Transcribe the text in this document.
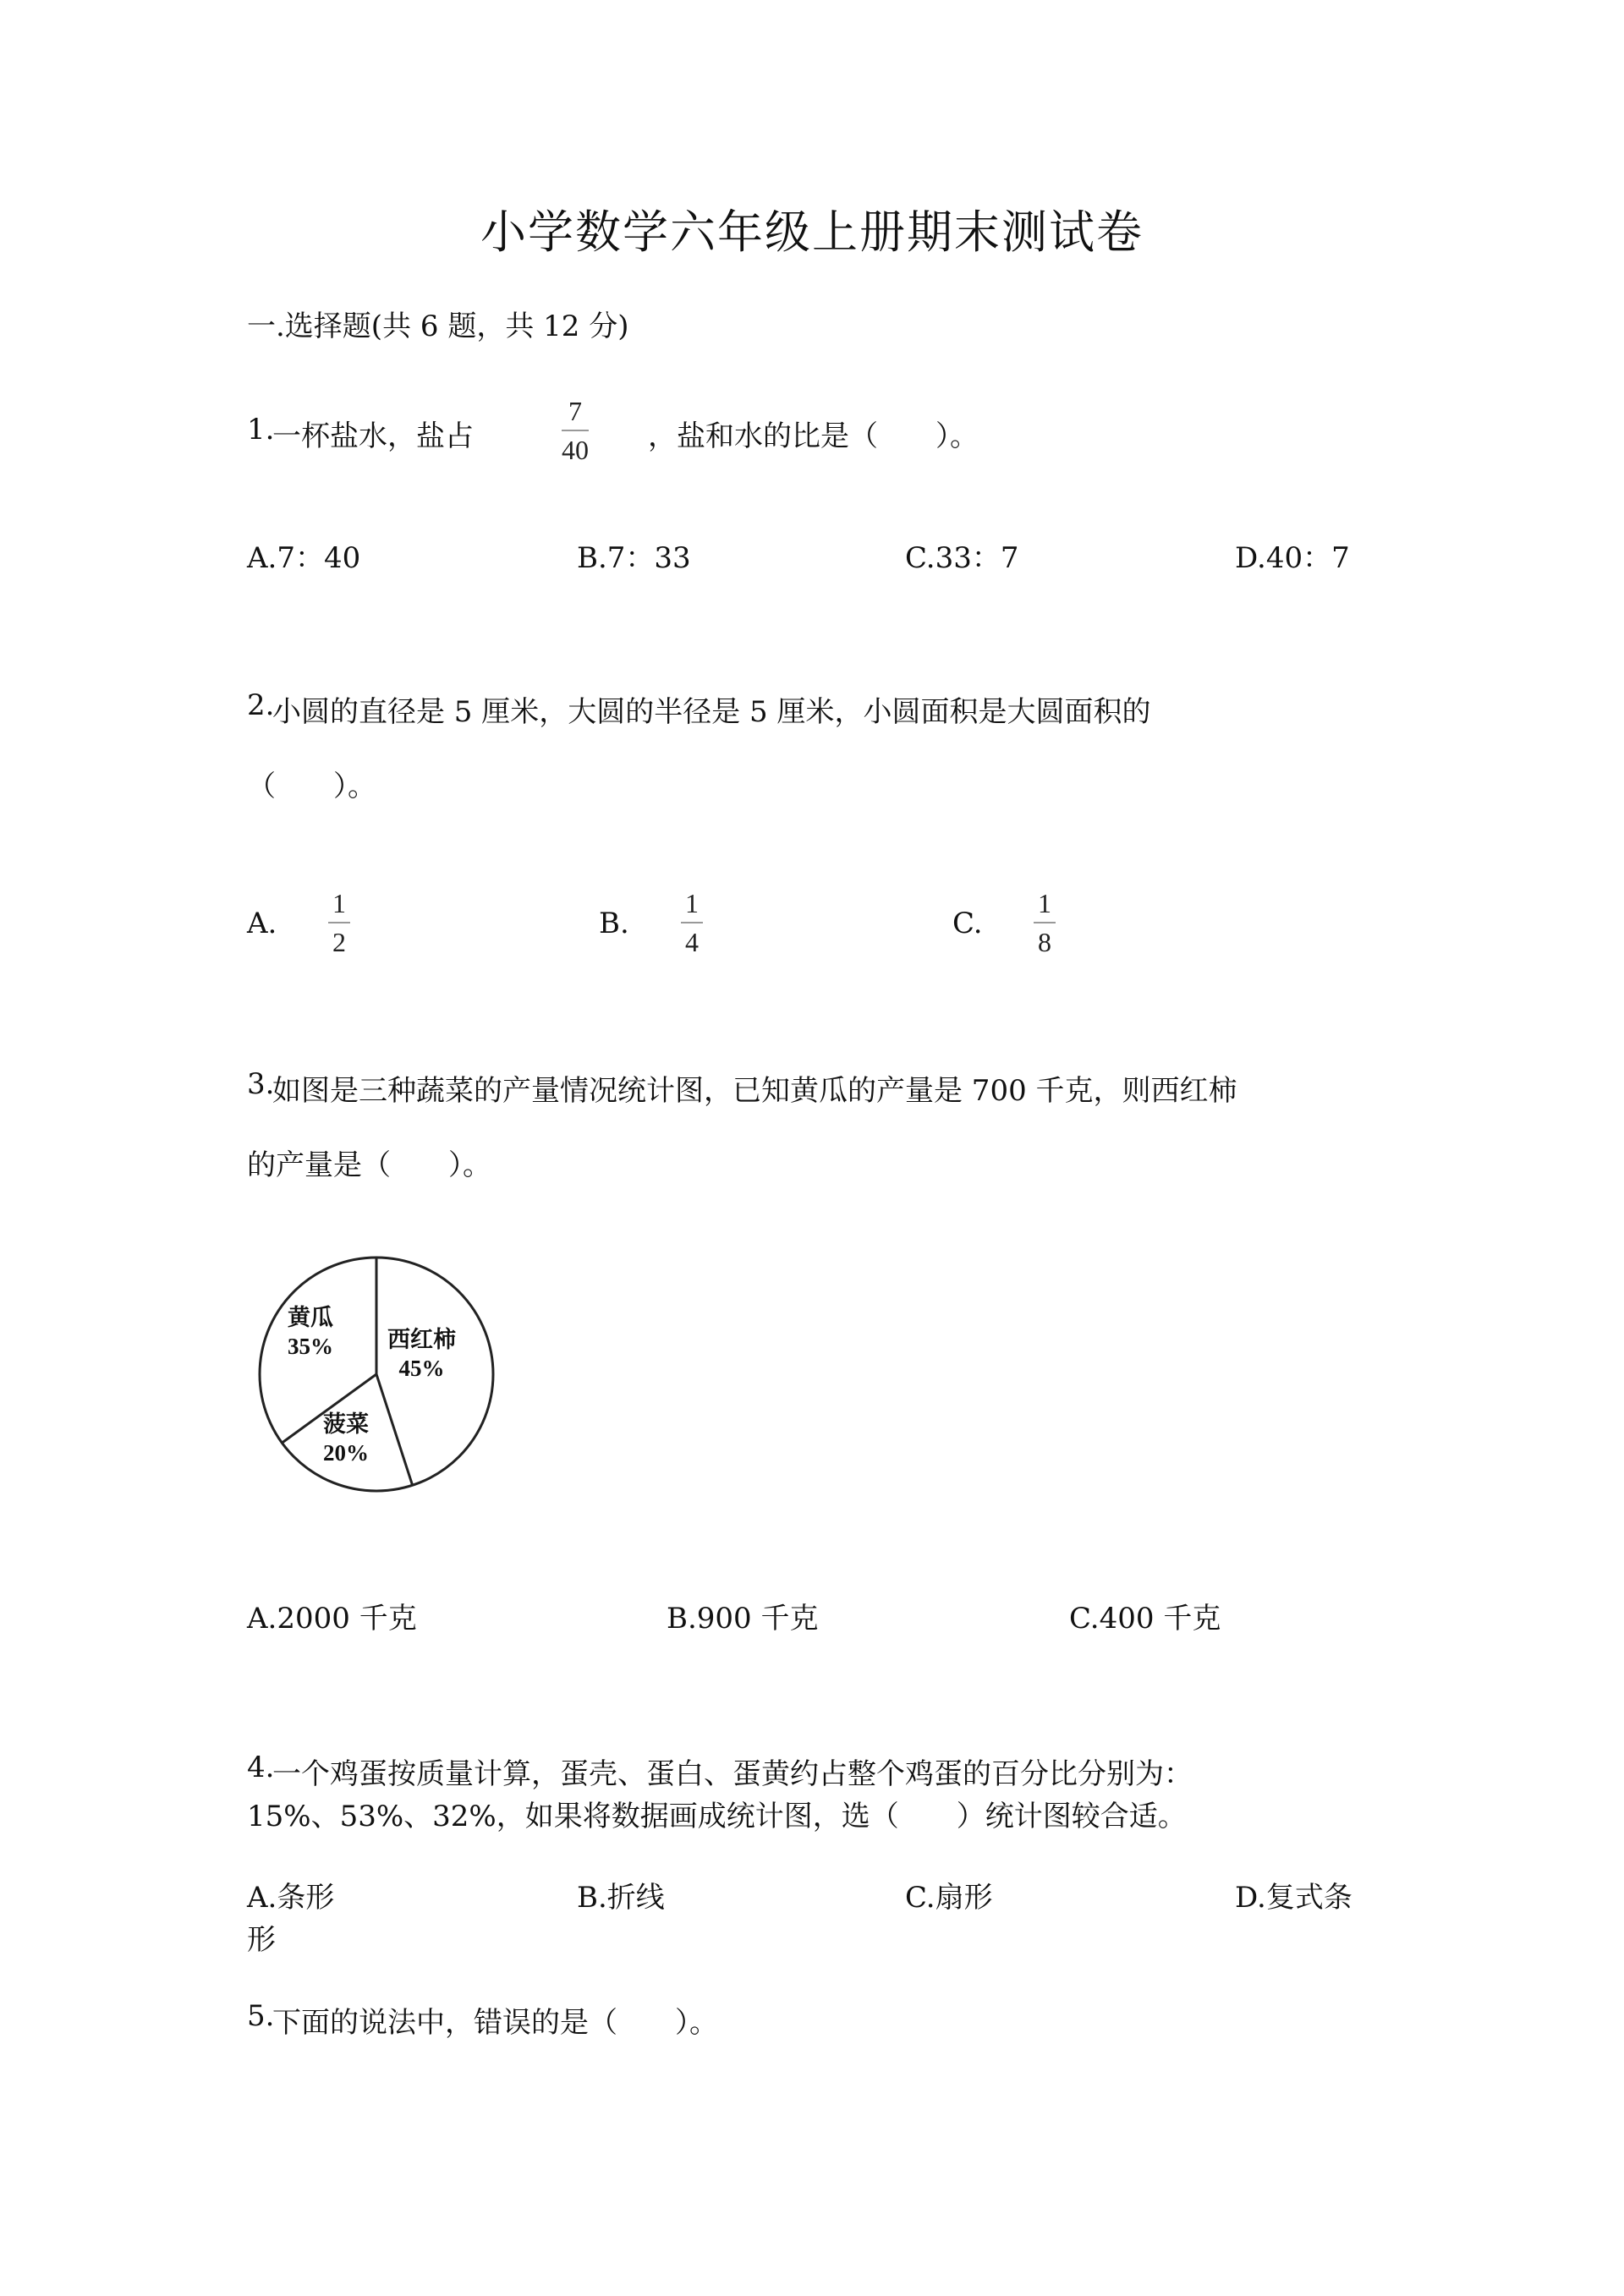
小学数学六年级上册期末测试卷
一.选择题(共 6 题，共 12 分)
1.
一杯盐水，盐占
7
40 ，盐和水的比是（　　）。
A.7：40	B.7：33	C.33：7	D.40：7
2.
小圆的直径是 5 厘米，大圆的半径是 5 厘米，小圆面积是大圆面积的
（　　）。
A.
1
2
B.
1
4
C.
1
8
3.
如图是三种蔬菜的产量情况统计图，已知黄瓜的产量是 700 千克，则西红柿
的产量是（　　）。
黄瓜
35% 西红柿
45%
菠菜
20%
A.2000 千克	B.900 千克	C.400 千克
4.
一个鸡蛋按质量计算，蛋壳、蛋白、蛋黄约占整个鸡蛋的百分比分别为：
15%、53%、32%，如果将数据画成统计图，选（　　）统计图较合适。
A.条形	B.折线	C.扇形	D.复式条
形
5.
下面的说法中，错误的是（　　）。
